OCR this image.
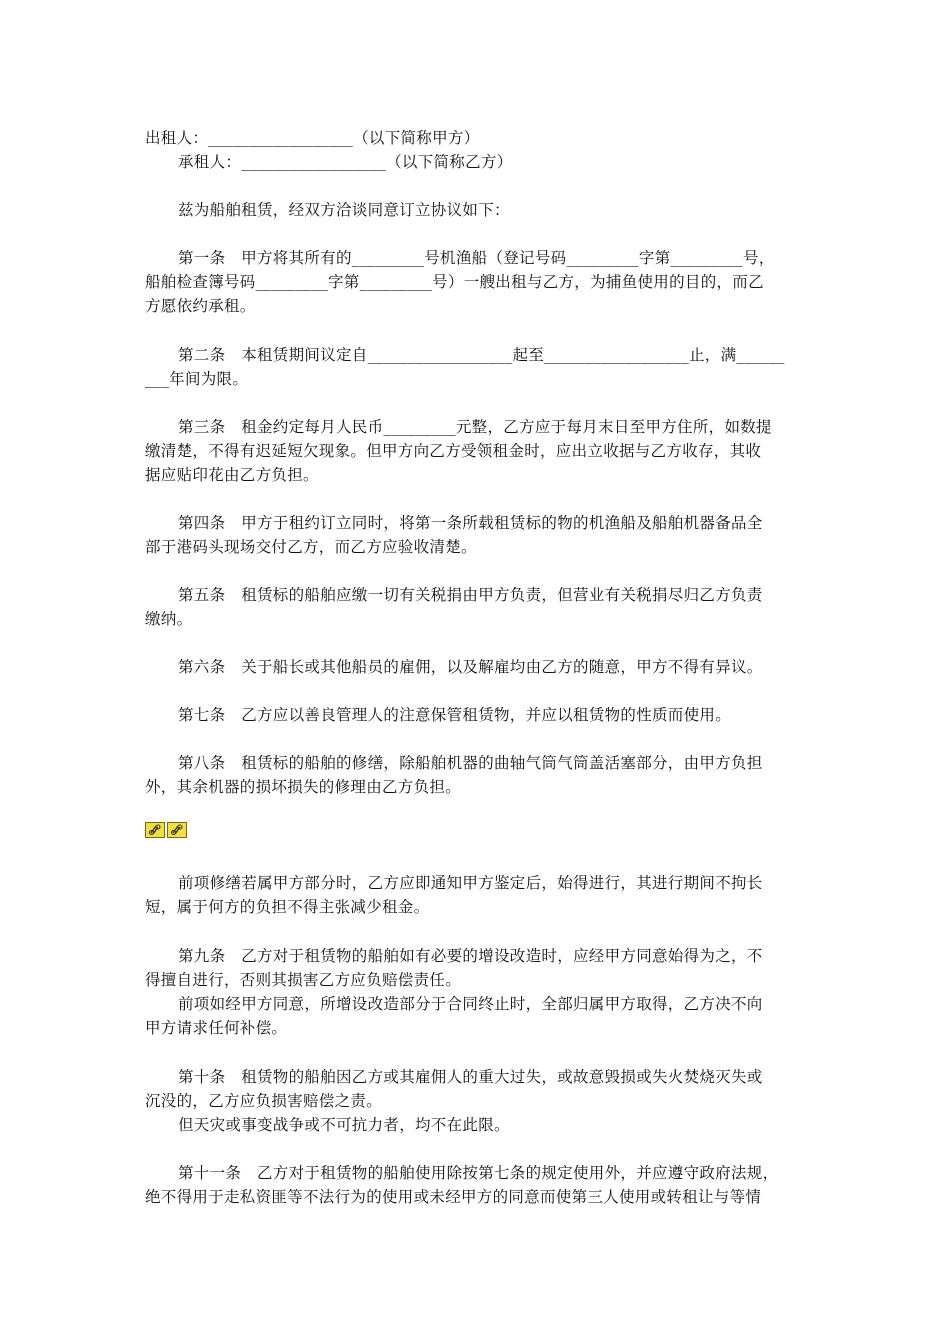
出租人：__________________（以下简称甲方）
承租人：__________________（以下简称乙方）
兹为船舶租赁，经双方洽谈同意订立协议如下：
第一条　甲方将其所有的_________号机渔船（登记号码_________字第_________号，
船舶检查簿号码_________字第_________号）一艘出租与乙方，为捕鱼使用的目的，而乙
方愿依约承租。
第二条　本租赁期间议定自__________________起至__________________止，满______
___年间为限。
第三条　租金约定每月人民币_________元整，乙方应于每月末日至甲方住所，如数提
缴清楚，不得有迟延短欠现象。但甲方向乙方受领租金时，应出立收据与乙方收存，其收
据应贴印花由乙方负担。
第四条　甲方于租约订立同时，将第一条所载租赁标的物的机渔船及船舶机器备品全
部于港码头现场交付乙方，而乙方应验收清楚。
第五条　租赁标的船舶应缴一切有关税捐由甲方负责，但营业有关税捐尽归乙方负责
缴纳。
第六条　关于船长或其他船员的雇佣，以及解雇均由乙方的随意，甲方不得有异议。
第七条　乙方应以善良管理人的注意保管租赁物，并应以租赁物的性质而使用。
第八条　租赁标的船舶的修缮，除船舶机器的曲轴气筒气筒盖活塞部分，由甲方负担
外，其余机器的损坏损失的修理由乙方负担。
前项修缮若属甲方部分时，乙方应即通知甲方鉴定后，始得进行，其进行期间不拘长
短，属于何方的负担不得主张减少租金。
第九条　乙方对于租赁物的船舶如有必要的增设改造时，应经甲方同意始得为之，不
得擅自进行，否则其损害乙方应负赔偿责任。
前项如经甲方同意，所增设改造部分于合同终止时，全部归属甲方取得，乙方决不向
甲方请求任何补偿。
第十条　租赁物的船舶因乙方或其雇佣人的重大过失，或故意毁损或失火焚烧灭失或
沉没的，乙方应负损害赔偿之责。
但天灾或事变战争或不可抗力者，均不在此限。
第十一条　乙方对于租赁物的船舶使用除按第七条的规定使用外，并应遵守政府法规，
绝不得用于走私资匪等不法行为的使用或未经甲方的同意而使第三人使用或转租让与等情
